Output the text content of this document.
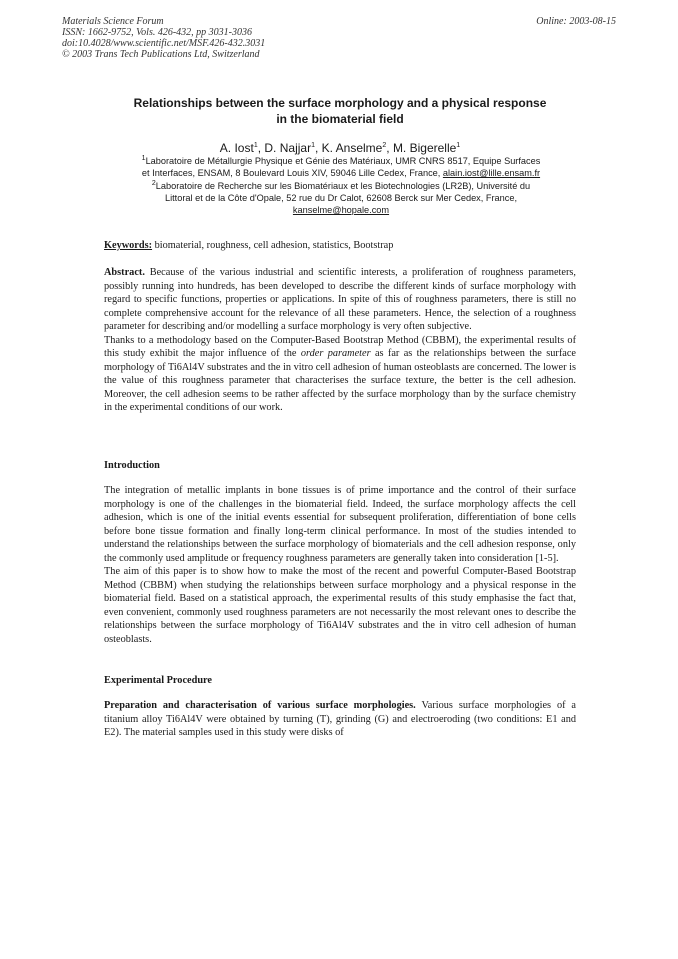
Materials Science Forum
ISSN: 1662-9752, Vols. 426-432, pp 3031-3036
doi:10.4028/www.scientific.net/MSF.426-432.3031
© 2003 Trans Tech Publications Ltd, Switzerland
Online: 2003-08-15
Relationships between the surface morphology and a physical response
in the biomaterial field
A. Iost$^1$, D. Najjar$^1$, K. Anselme$^2$, M. Bigerelle$^1$
$^1$Laboratoire de Métallurgie Physique et Génie des Matériaux, UMR CNRS 8517, Equipe Surfaces
et Interfaces, ENSAM, 8 Boulevard Louis XIV, 59046 Lille Cedex, France, alain.iost@lille.ensam.fr
$^2$Laboratoire de Recherche sur les Biomatériaux et les Biotechnologies (LR2B), Université du
Littoral et de la Côte d'Opale, 52 rue du Dr Calot, 62608 Berck sur Mer Cedex, France,
kanselme@hopale.com
Keywords: biomaterial, roughness, cell adhesion, statistics, Bootstrap

Abstract. Because of the various industrial and scientific interests, a proliferation of roughness parameters, possibly running into hundreds, has been developed to describe the different kinds of surface morphology with regard to specific functions, properties or applications. In spite of this of roughness parameters, there is still no complete comprehensive account for the relevance of all these parameters. Hence, the selection of a roughness parameter for describing and/or modelling a surface morphology is very often subjective.

Thanks to a methodology based on the Computer-Based Bootstrap Method (CBBM), the experimental results of this study exhibit the major influence of the order parameter as far as the relationships between the surface morphology of Ti6Al4V substrates and the in vitro cell adhesion of human osteoblasts are concerned. The lower is the value of this roughness parameter that characterises the surface texture, the better is the cell adhesion. Moreover, the cell adhesion seems to be rather affected by the surface morphology than by the surface chemistry in the experimental conditions of our work.

Introduction

The integration of metallic implants in bone tissues is of prime importance and the control of their surface morphology is one of the challenges in the biomaterial field. Indeed, the surface morphology affects the cell adhesion, which is one of the initial events essential for subsequent proliferation, differentiation of bone cells before bone tissue formation and finally long-term clinical performance. In most of the studies intended to understand the relationships between the surface morphology of biomaterials and the cell adhesion response, only the commonly used amplitude or frequency roughness parameters are generally taken into consideration [1-5].

The aim of this paper is to show how to make the most of the recent and powerful Computer-Based Bootstrap Method (CBBM) when studying the relationships between surface morphology and a physical response in the biomaterial field. Based on a statistical approach, the experimental results of this study emphasise the fact that, even convenient, commonly used roughness parameters are not necessarily the most relevant ones to describe the relationships between the surface morphology of Ti6Al4V substrates and the in vitro cell adhesion of human osteoblasts.

Experimental Procedure

Preparation and characterisation of various surface morphologies. Various surface morphologies of a titanium alloy Ti6Al4V were obtained by turning (T), grinding (G) and electroeroding (two conditions: E1 and E2). The material samples used in this study were disks of
